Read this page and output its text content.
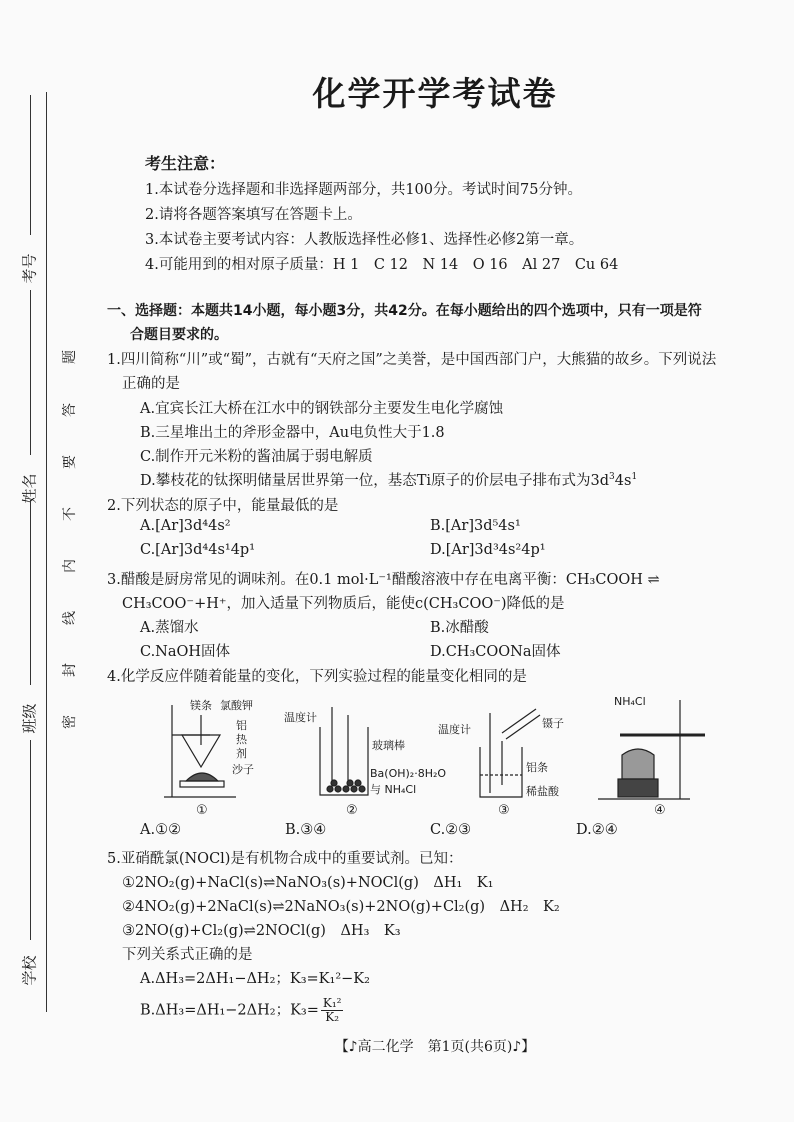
考号
姓名
班级
学校
题
答
要
不
内
线
封
密
化学开学考试卷
考生注意：
1.本试卷分选择题和非选择题两部分，共100分。考试时间75分钟。
2.请将各题答案填写在答题卡上。
3.本试卷主要考试内容：人教版选择性必修1、选择性必修2第一章。
4.可能用到的相对原子质量：H 1　C 12　N 14　O 16　Al 27　Cu 64
一、选择题：本题共14小题，每小题3分，共42分。在每小题给出的四个选项中，只有一项是符
合题目要求的。
1.四川简称“川”或“蜀”，古就有“天府之国”之美誉，是中国西部门户，大熊猫的故乡。下列说法
正确的是
A.宜宾长江大桥在江水中的钢铁部分主要发生电化学腐蚀
B.三星堆出土的斧形金器中，Au电负性大于1.8
C.制作开元米粉的酱油属于弱电解质
D.攀枝花的钛探明储量居世界第一位，基态Ti原子的价层电子排布式为$3d^34s^1$
2.下列状态的原子中，能量最低的是
A.[Ar]3d⁴4s²	B.[Ar]3d⁵4s¹
C.[Ar]3d⁴4s¹4p¹	D.[Ar]3d³4s²4p¹
3.醋酸是厨房常见的调味剂。在0.1 mol·L⁻¹醋酸溶液中存在电离平衡：CH₃COOH ⇌
CH₃COO⁻+H⁺，加入适量下列物质后，能使c(CH₃COO⁻)降低的是
A.蒸馏水	B.冰醋酸
C.NaOH固体	D.CH₃COONa固体
4.化学反应伴随着能量的变化，下列实验过程的能量变化相同的是
镁条 氯酸钾
铝
热
剂
沙子
温度计
玻璃棒
Ba(OH)₂·8H₂O
与 NH₄Cl
温度计	镊子
铝条
稀盐酸
NH₄Cl
①	②	③	④
A.①②	B.③④	C.②③	D.②④
5.亚硝酰氯(NOCl)是有机物合成中的重要试剂。已知：
①2NO₂(g)+NaCl(s)⇌NaNO₃(s)+NOCl(g)　ΔH₁　K₁
②4NO₂(g)+2NaCl(s)⇌2NaNO₃(s)+2NO(g)+Cl₂(g)　ΔH₂　K₂
③2NO(g)+Cl₂(g)⇌2NOCl(g)　ΔH₃　K₃
下列关系式正确的是
A.ΔH₃=2ΔH₁−ΔH₂；K₃=K₁²−K₂
B.ΔH₃=ΔH₁−2ΔH₂；$K_3= \frac{\text{K₁²}}{\text{K₂}}$
【♪高二化学　第1页(共6页)♪】
